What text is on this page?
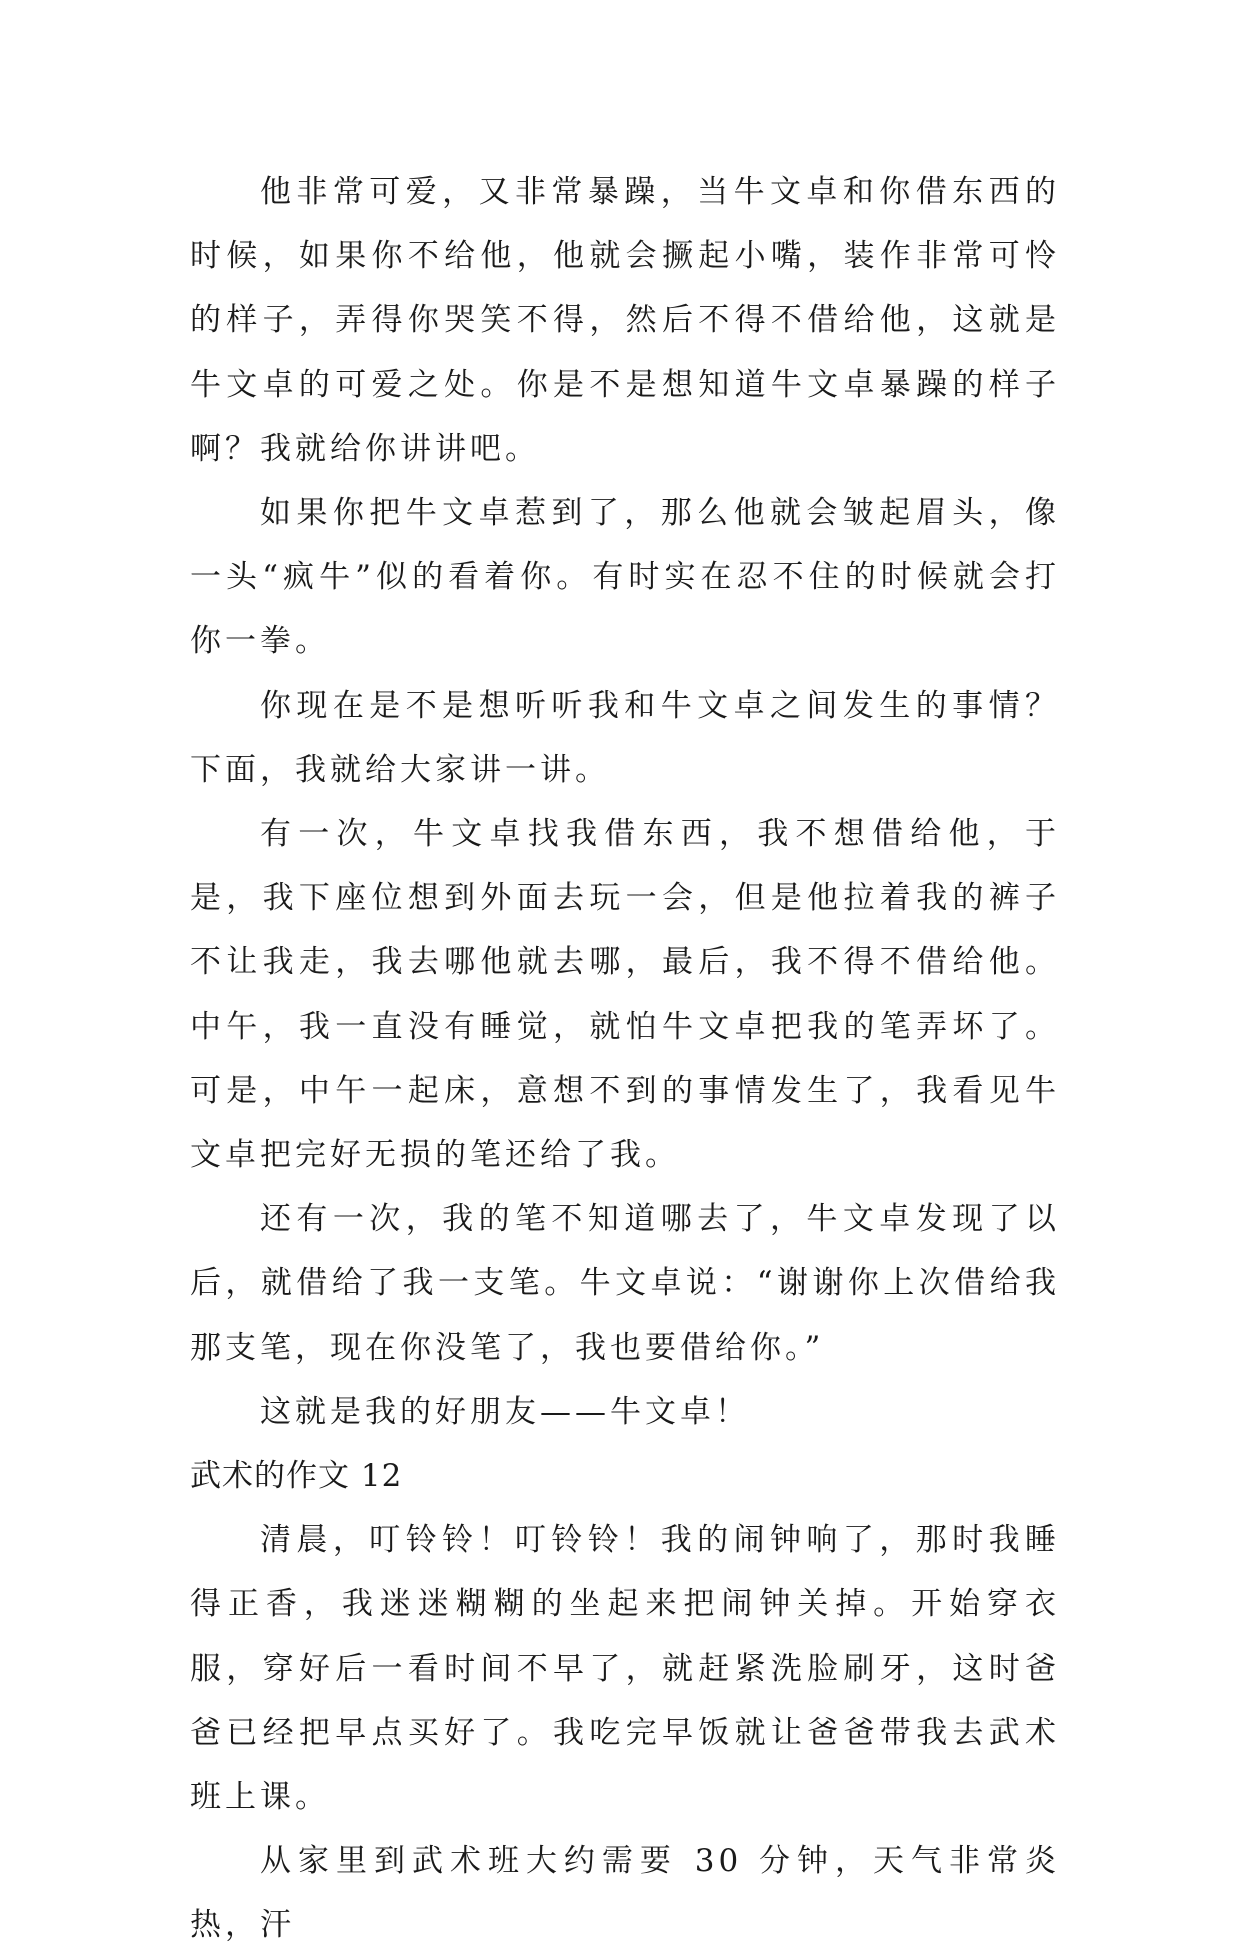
他非常可爱，又非常暴躁，当牛文卓和你借东西的时候，如果你不给他，他就会撅起小嘴，装作非常可怜的样子，弄得你哭笑不得，然后不得不借给他，这就是牛文卓的可爱之处。你是不是想知道牛文卓暴躁的样子啊？我就给你讲讲吧。

如果你把牛文卓惹到了，那么他就会皱起眉头，像一头“疯牛”似的看着你。有时实在忍不住的时候就会打你一拳。

你现在是不是想听听我和牛文卓之间发生的事情？下面，我就给大家讲一讲。

有一次，牛文卓找我借东西，我不想借给他，于是，我下座位想到外面去玩一会，但是他拉着我的裤子不让我走，我去哪他就去哪，最后，我不得不借给他。中午，我一直没有睡觉，就怕牛文卓把我的笔弄坏了。可是，中午一起床，意想不到的事情发生了，我看见牛文卓把完好无损的笔还给了我。

还有一次，我的笔不知道哪去了，牛文卓发现了以后，就借给了我一支笔。牛文卓说：“谢谢你上次借给我那支笔，现在你没笔了，我也要借给你。”

这就是我的好朋友——牛文卓！

武术的作文 12

清晨，叮铃铃！叮铃铃！我的闹钟响了，那时我睡得正香，我迷迷糊糊的坐起来把闹钟关掉。开始穿衣服，穿好后一看时间不早了，就赶紧洗脸刷牙，这时爸爸已经把早点买好了。我吃完早饭就让爸爸带我去武术班上课。

从家里到武术班大约需要 30 分钟，天气非常炎热，汗
